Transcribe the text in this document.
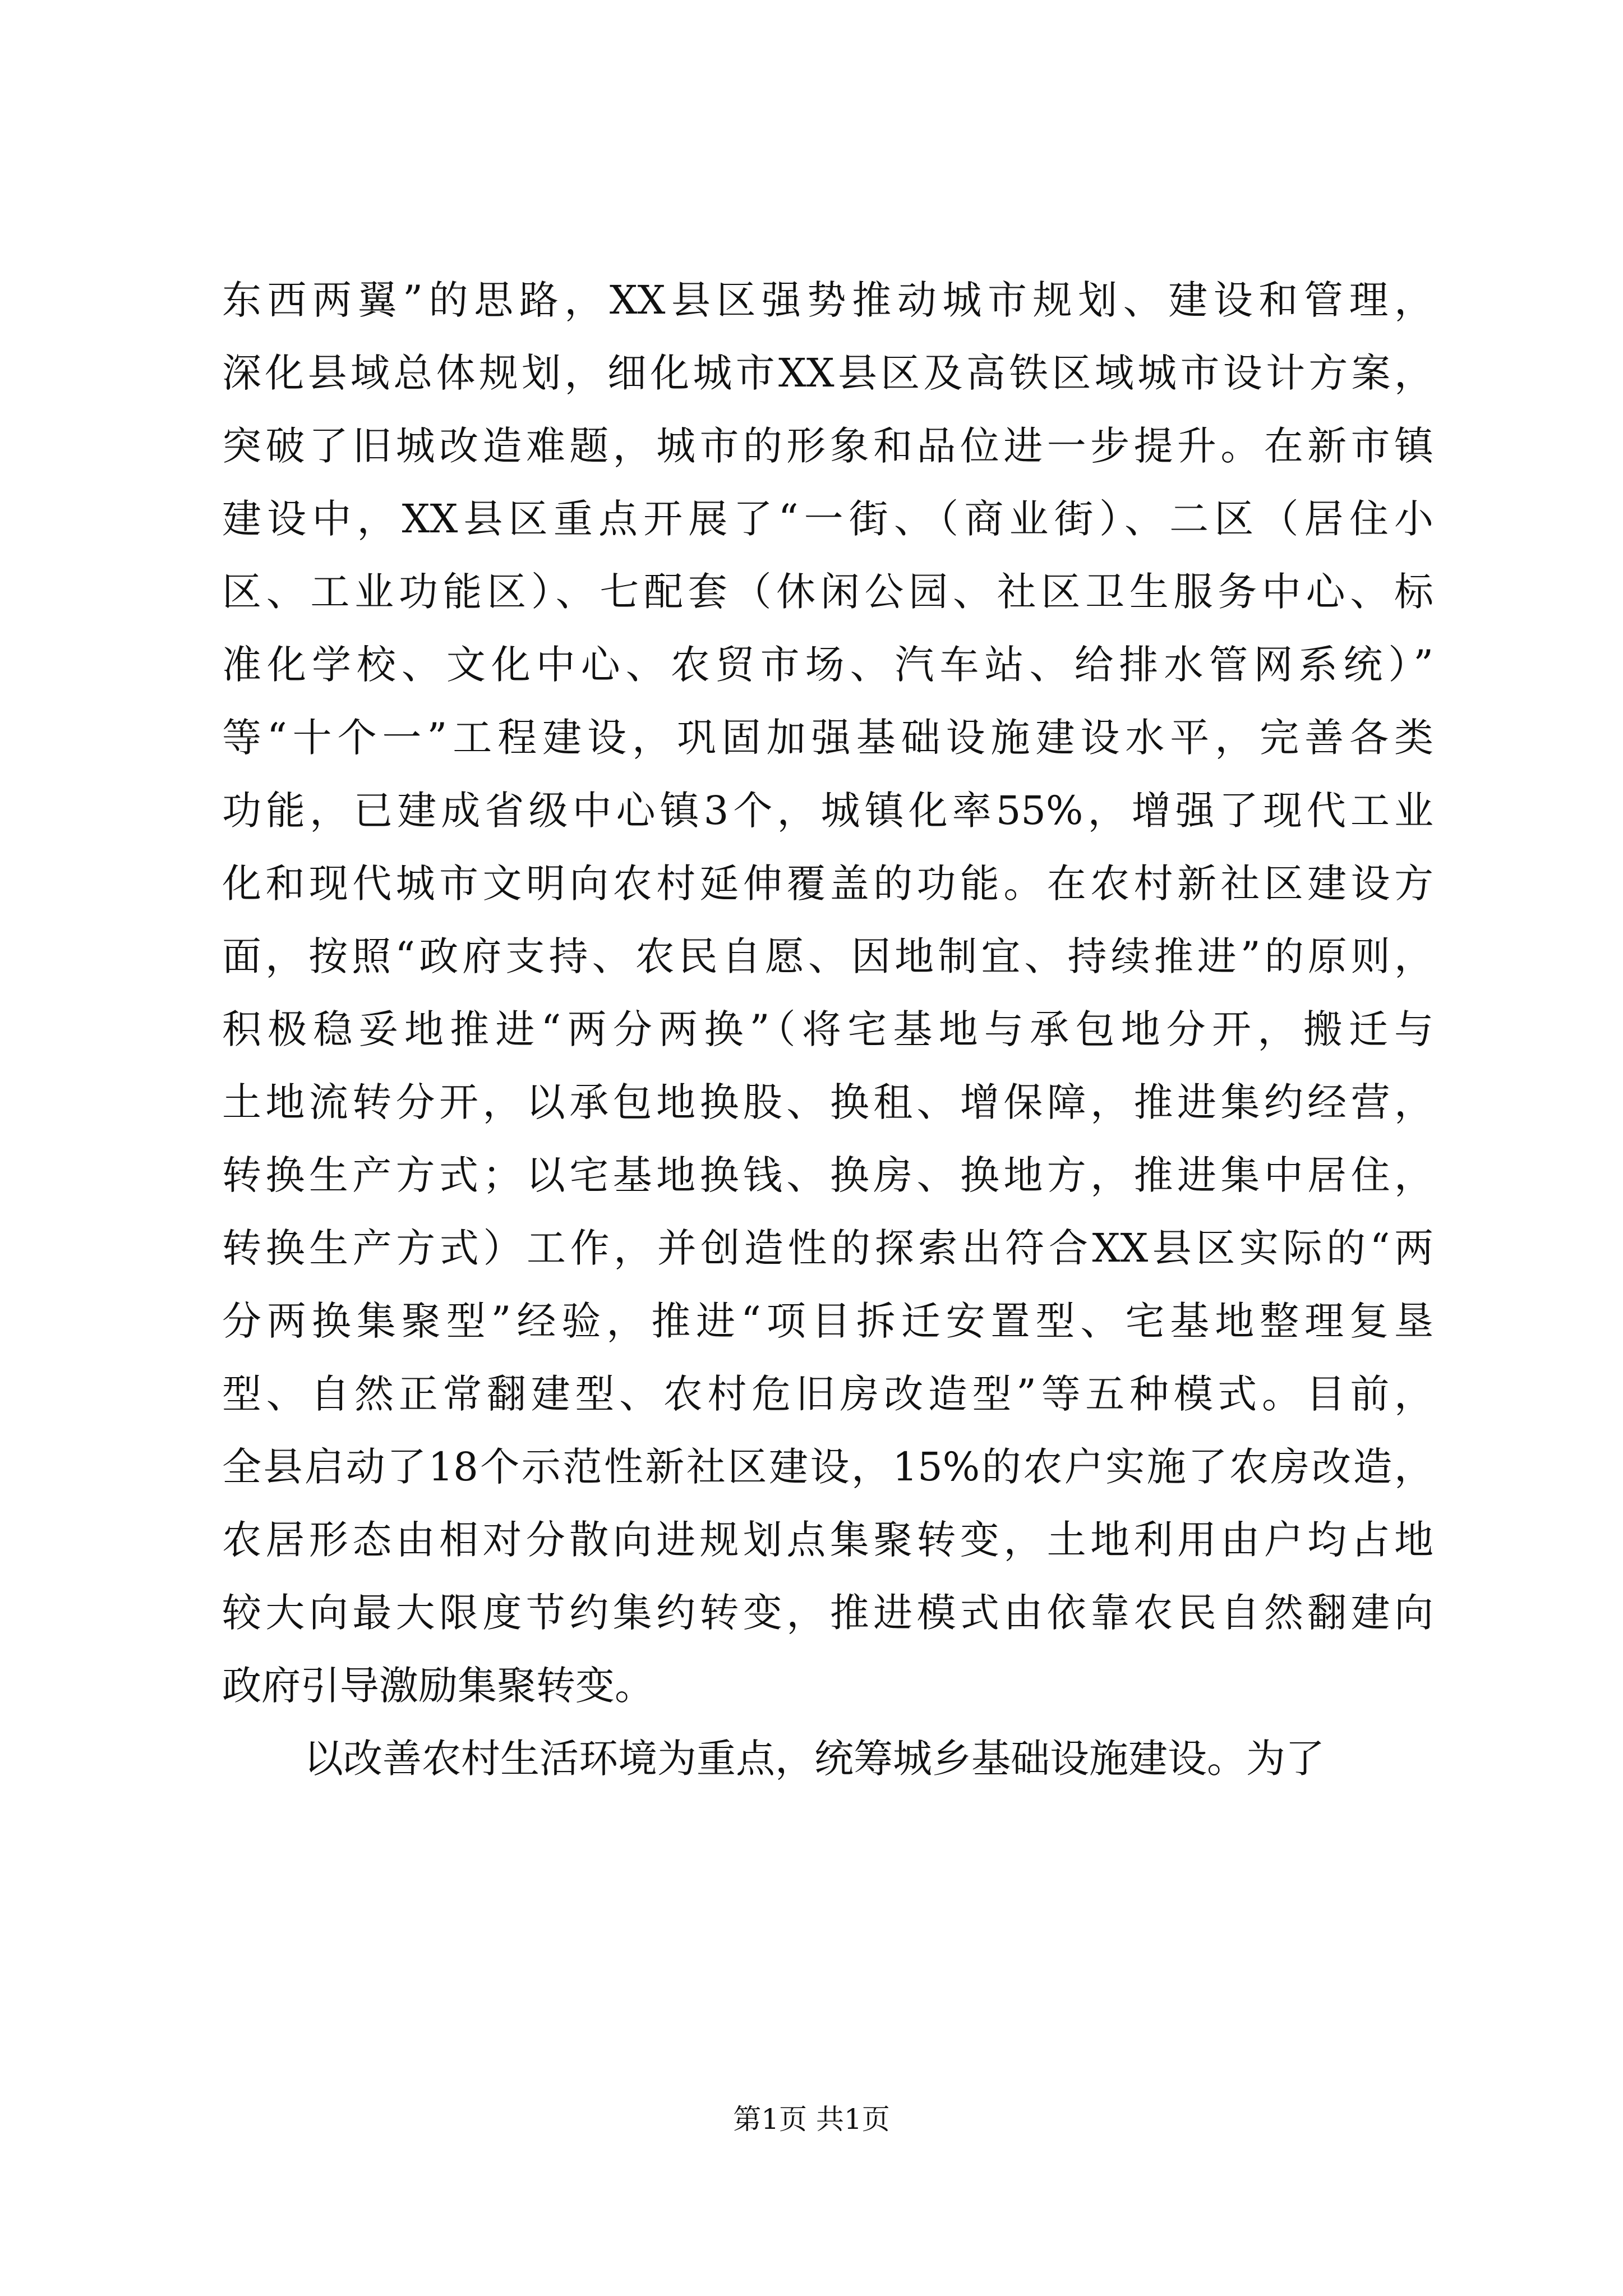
东西两翼”的思路，XX县区强势推动城市规划、建设和管理，
深化县域总体规划，细化城市XX县区及高铁区域城市设计方案，
突破了旧城改造难题，城市的形象和品位进一步提升。在新市镇
建设中，XX县区重点开展了“一街、（商业街）、二区（居住小
区、工业功能区）、七配套（休闲公园、社区卫生服务中心、标
准化学校、文化中心、农贸市场、汽车站、给排水管网系统）”
等“十个一”工程建设，巩固加强基础设施建设水平，完善各类
功能，已建成省级中心镇3个，城镇化率55%，增强了现代工业
化和现代城市文明向农村延伸覆盖的功能。在农村新社区建设方
面，按照“政府支持、农民自愿、因地制宜、持续推进”的原则，
积极稳妥地推进“两分两换”（将宅基地与承包地分开，搬迁与
土地流转分开，以承包地换股、换租、增保障，推进集约经营，
转换生产方式；以宅基地换钱、换房、换地方，推进集中居住，
转换生产方式）工作，并创造性的探索出符合XX县区实际的“两
分两换集聚型”经验，推进“项目拆迁安置型、宅基地整理复垦
型、自然正常翻建型、农村危旧房改造型”等五种模式。目前，
全县启动了18个示范性新社区建设，15%的农户实施了农房改造，
农居形态由相对分散向进规划点集聚转变，土地利用由户均占地
较大向最大限度节约集约转变，推进模式由依靠农民自然翻建向
政府引导激励集聚转变。
以改善农村生活环境为重点，统筹城乡基础设施建设。为了
第1页 共1页
